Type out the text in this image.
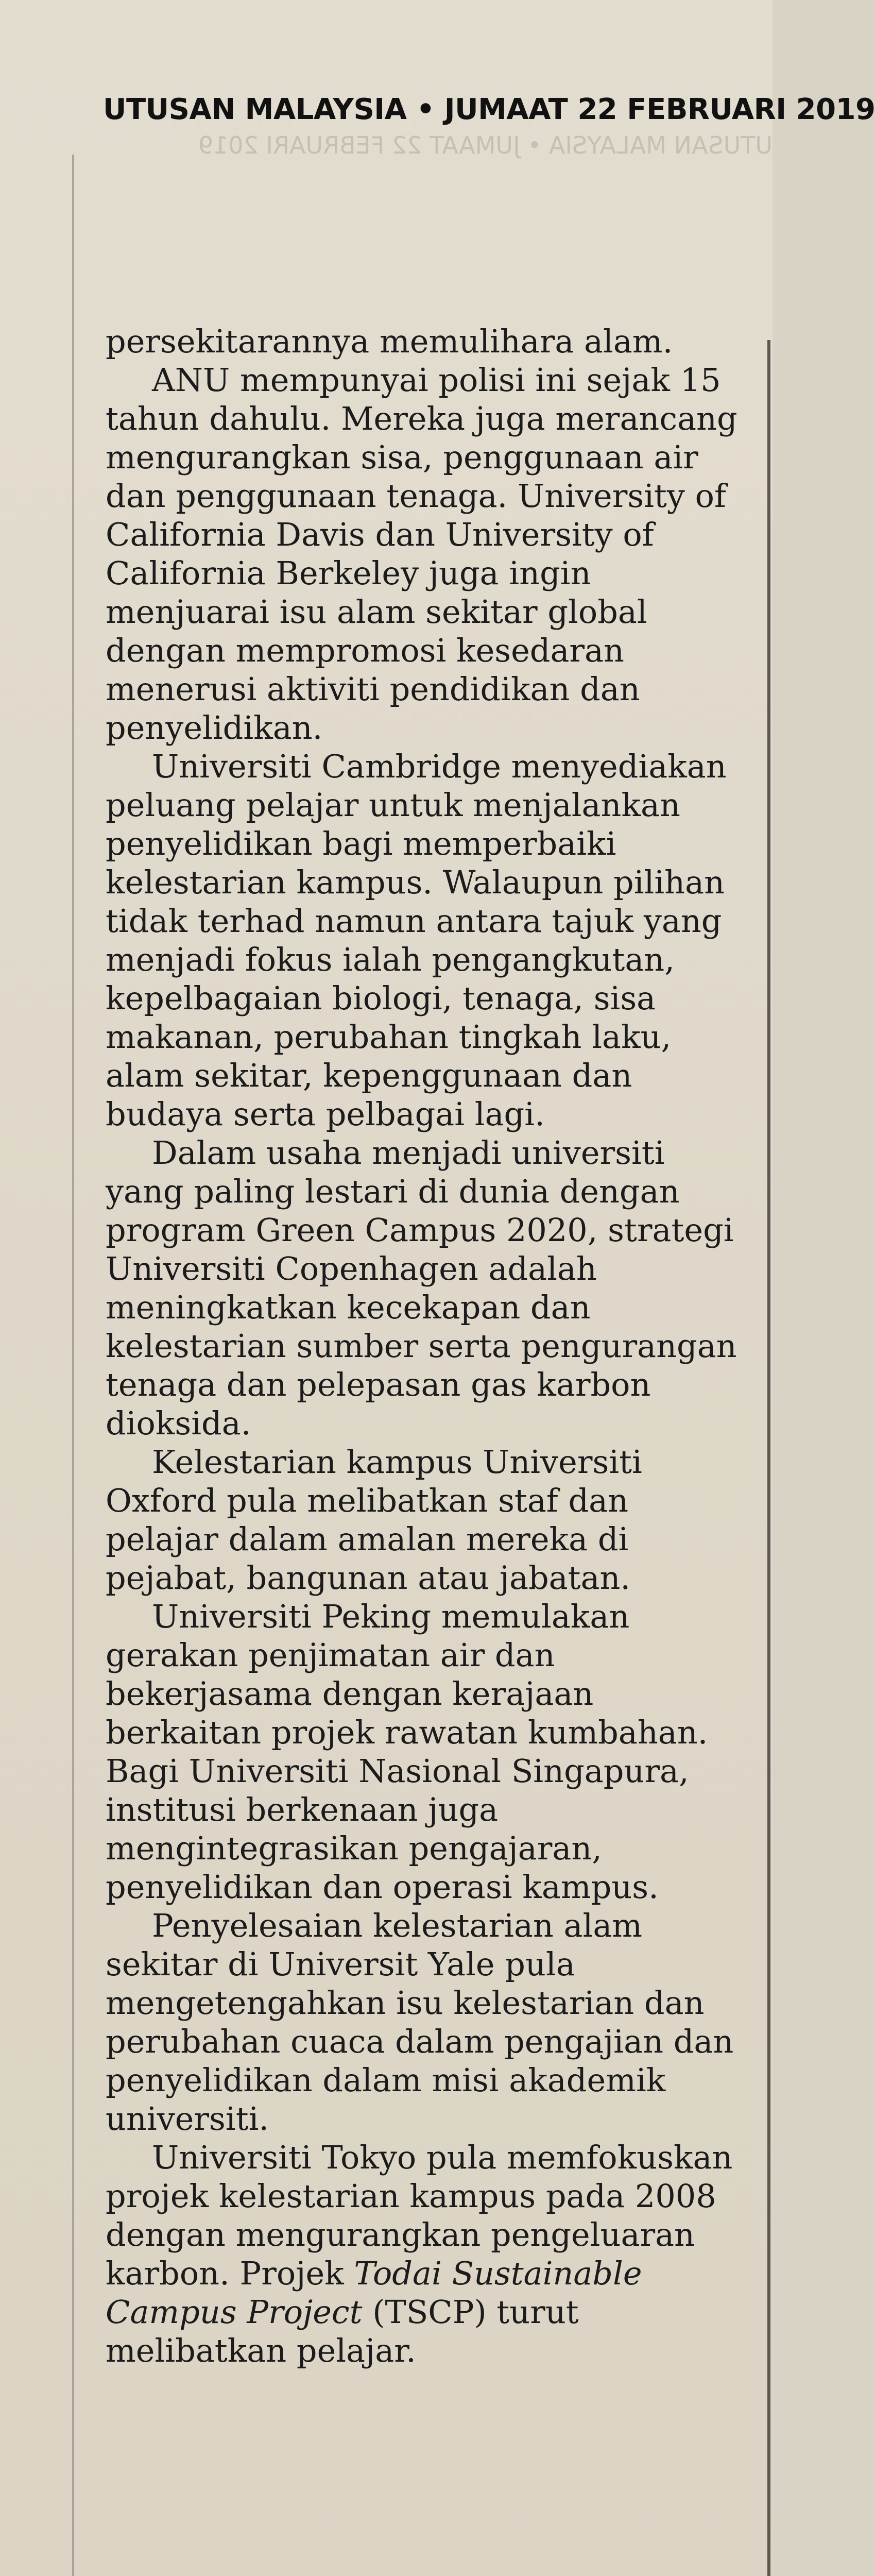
UTUSAN MALAYSIA • JUMAAT 22 FEBRUARI 2019
UTUSAN MALAYSIA • JUMAAT 22 FEBRUARI 2019

persekitarannya memulihara alam.

ANU mempunyai polisi ini sejak 15 tahun dahulu. Mereka juga merancang mengurangkan sisa, penggunaan air dan penggunaan tenaga. University of California Davis dan University of California Berkeley juga ingin menjuarai isu alam sekitar global dengan mempromosi kesedaran menerusi aktiviti pendidikan dan penyelidikan.

Universiti Cambridge menyediakan peluang pelajar untuk menjalankan penyelidikan bagi memperbaiki kelestarian kampus. Walaupun pilihan tidak terhad namun antara tajuk yang menjadi fokus ialah pengangkutan, kepelbagaian biologi, tenaga, sisa makanan, perubahan tingkah laku, alam sekitar, kepenggunaan dan budaya serta pelbagai lagi.

Dalam usaha menjadi universiti yang paling lestari di dunia dengan program Green Campus 2020, strategi Universiti Copenhagen adalah meningkatkan kecekapan dan kelestarian sumber serta pengurangan tenaga dan pelepasan gas karbon dioksida.

Kelestarian kampus Universiti Oxford pula melibatkan staf dan pelajar dalam amalan mereka di pejabat, bangunan atau jabatan.

Universiti Peking memulakan gerakan penjimatan air dan bekerjasama dengan kerajaan berkaitan projek rawatan kumbahan. Bagi Universiti Nasional Singapura, institusi berkenaan juga mengintegrasikan pengajaran, penyelidikan dan operasi kampus.

Penyelesaian kelestarian alam sekitar di Universit Yale pula mengetengahkan isu kelestarian dan perubahan cuaca dalam pengajian dan penyelidikan dalam misi akademik universiti.

Universiti Tokyo pula memfokuskan projek kelestarian kampus pada 2008 dengan mengurangkan pengeluaran karbon. Projek Todai Sustainable Campus Project (TSCP) turut melibatkan pelajar.
